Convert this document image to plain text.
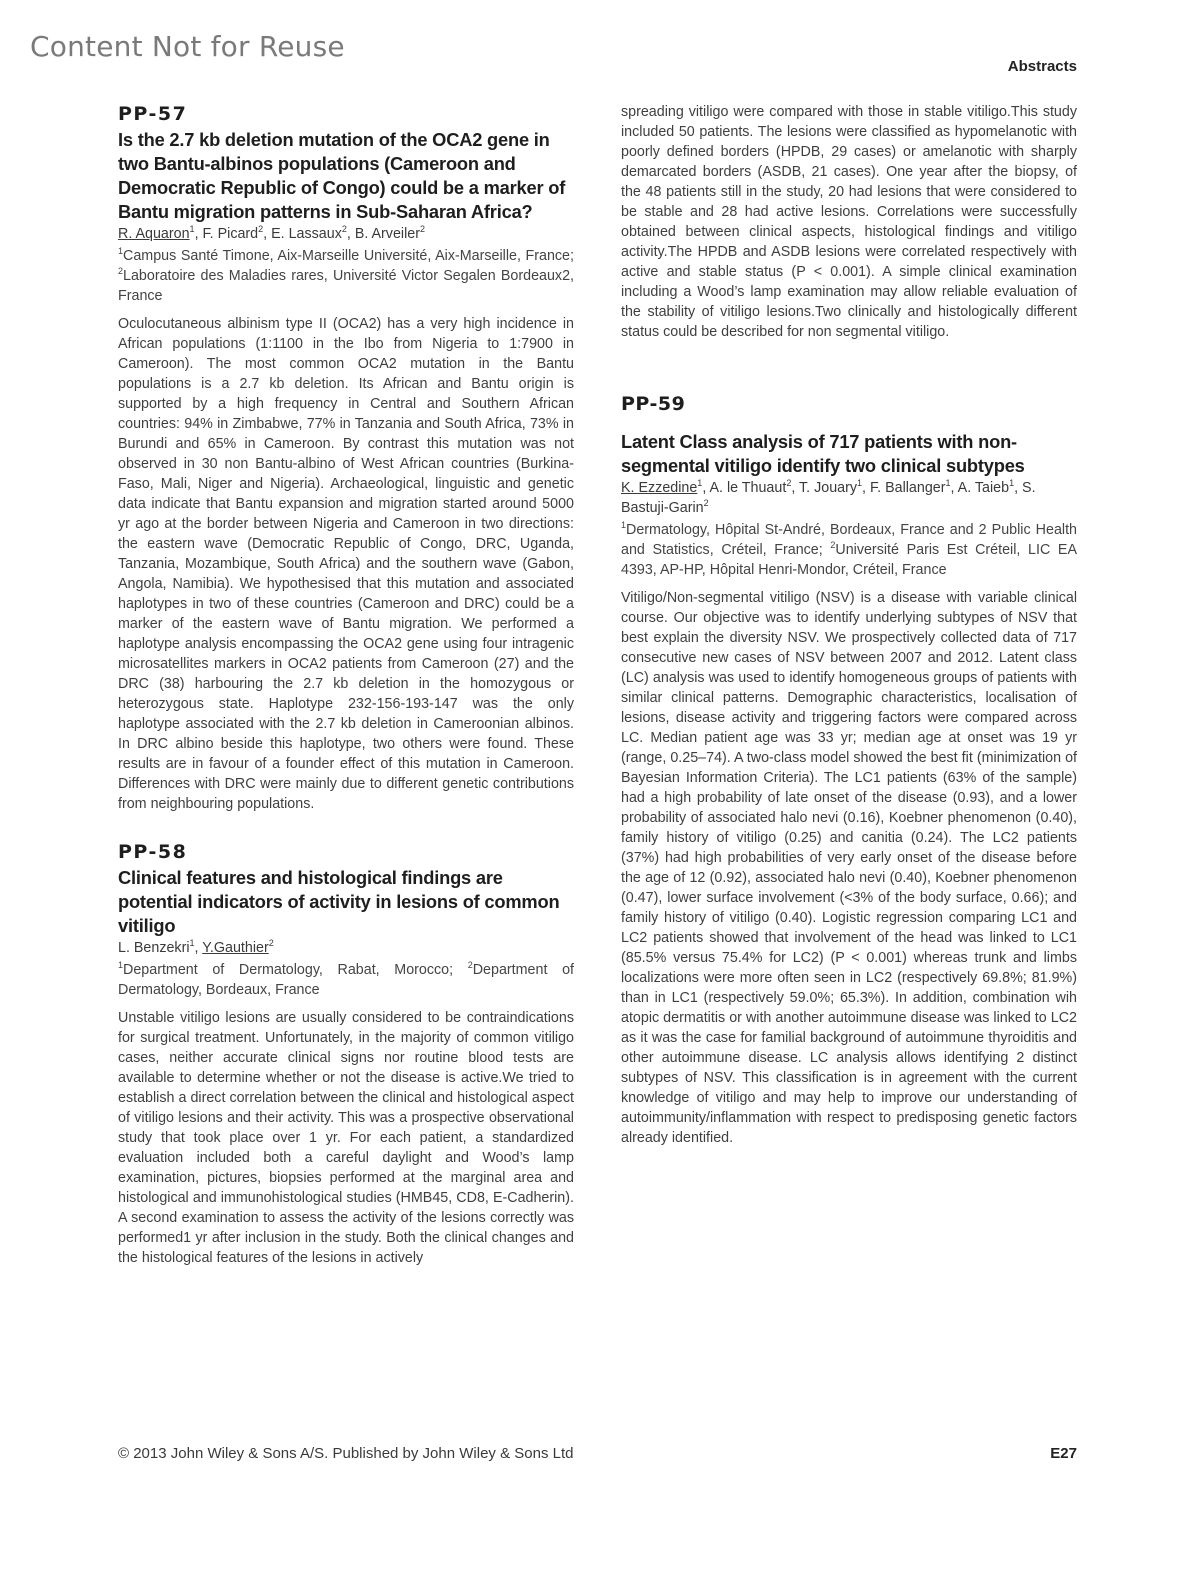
Content Not for Reuse
Abstracts
PP-57
Is the 2.7 kb deletion mutation of the OCA2 gene in two Bantu-albinos populations (Cameroon and Democratic Republic of Congo) could be a marker of Bantu migration patterns in Sub-Saharan Africa?

R. Aquaron$^1$, F. Picard$^2$, E. Lassaux$^2$, B. Arveiler$^2$

$^1$Campus Santé Timone, Aix-Marseille Université, Aix-Marseille, France; $^2$Laboratoire des Maladies rares, Université Victor Segalen Bordeaux2, France

Oculocutaneous albinism type II (OCA2) has a very high incidence in African populations (1:1100 in the Ibo from Nigeria to 1:7900 in Cameroon). The most common OCA2 mutation in the Bantu populations is a 2.7 kb deletion. Its African and Bantu origin is supported by a high frequency in Central and Southern African countries: 94% in Zimbabwe, 77% in Tanzania and South Africa, 73% in Burundi and 65% in Cameroon. By contrast this mutation was not observed in 30 non Bantu-albino of West African countries (Burkina-Faso, Mali, Niger and Nigeria). Archaeological, linguistic and genetic data indicate that Bantu expansion and migration started around 5000 yr ago at the border between Nigeria and Cameroon in two directions: the eastern wave (Democratic Republic of Congo, DRC, Uganda, Tanzania, Mozambique, South Africa) and the southern wave (Gabon, Angola, Namibia). We hypothesised that this mutation and associated haplotypes in two of these countries (Cameroon and DRC) could be a marker of the eastern wave of Bantu migration. We performed a haplotype analysis encompassing the OCA2 gene using four intragenic microsatellites markers in OCA2 patients from Cameroon (27) and the DRC (38) harbouring the 2.7 kb deletion in the homozygous or heterozygous state. Haplotype 232-156-193-147 was the only haplotype associated with the 2.7 kb deletion in Cameroonian albinos. In DRC albino beside this haplotype, two others were found. These results are in favour of a founder effect of this mutation in Cameroon. Differences with DRC were mainly due to different genetic contributions from neighbouring populations.

PP-58
Clinical features and histological findings are potential indicators of activity in lesions of common vitiligo

L. Benzekri$^1$, Y.Gauthier$^2$

$^1$Department of Dermatology, Rabat, Morocco; $^2$Department of Dermatology, Bordeaux, France

Unstable vitiligo lesions are usually considered to be contraindications for surgical treatment. Unfortunately, in the majority of common vitiligo cases, neither accurate clinical signs nor routine blood tests are available to determine whether or not the disease is active.We tried to establish a direct correlation between the clinical and histological aspect of vitiligo lesions and their activity. This was a prospective observational study that took place over 1 yr. For each patient, a standardized evaluation included both a careful daylight and Wood’s lamp examination, pictures, biopsies performed at the marginal area and histological and immunohistological studies (HMB45, CD8, E-Cadherin). A second examination to assess the activity of the lesions correctly was performed1 yr after inclusion in the study. Both the clinical changes and the histological features of the lesions in actively

spreading vitiligo were compared with those in stable vitiligo.This study included 50 patients. The lesions were classified as hypomelanotic with poorly defined borders (HPDB, 29 cases) or amelanotic with sharply demarcated borders (ASDB, 21 cases). One year after the biopsy, of the 48 patients still in the study, 20 had lesions that were considered to be stable and 28 had active lesions. Correlations were successfully obtained between clinical aspects, histological findings and vitiligo activity.The HPDB and ASDB lesions were correlated respectively with active and stable status (P < 0.001). A simple clinical examination including a Wood’s lamp examination may allow reliable evaluation of the stability of vitiligo lesions.Two clinically and histologically different status could be described for non segmental vitiligo.

PP-59
Latent Class analysis of 717 patients with non-segmental vitiligo identify two clinical subtypes

K. Ezzedine$^1$, A. le Thuaut$^2$, T. Jouary$^1$, F. Ballanger$^1$, A. Taieb$^1$, S. Bastuji-Garin$^2$

$^1$Dermatology, Hôpital St-André, Bordeaux, France and 2 Public Health and Statistics, Créteil, France; $^2$Université Paris Est Créteil, LIC EA 4393, AP-HP, Hôpital Henri-Mondor, Créteil, France

Vitiligo/Non-segmental vitiligo (NSV) is a disease with variable clinical course. Our objective was to identify underlying subtypes of NSV that best explain the diversity NSV. We prospectively collected data of 717 consecutive new cases of NSV between 2007 and 2012. Latent class (LC) analysis was used to identify homogeneous groups of patients with similar clinical patterns. Demographic characteristics, localisation of lesions, disease activity and triggering factors were compared across LC. Median patient age was 33 yr; median age at onset was 19 yr (range, 0.25–74). A two-class model showed the best fit (minimization of Bayesian Information Criteria). The LC1 patients (63% of the sample) had a high probability of late onset of the disease (0.93), and a lower probability of associated halo nevi (0.16), Koebner phenomenon (0.40), family history of vitiligo (0.25) and canitia (0.24). The LC2 patients (37%) had high probabilities of very early onset of the disease before the age of 12 (0.92), associated halo nevi (0.40), Koebner phenomenon (0.47), lower surface involvement (<3% of the body surface, 0.66); and family history of vitiligo (0.40). Logistic regression comparing LC1 and LC2 patients showed that involvement of the head was linked to LC1 (85.5% versus 75.4% for LC2) (P < 0.001) whereas trunk and limbs localizations were more often seen in LC2 (respectively 69.8%; 81.9%) than in LC1 (respectively 59.0%; 65.3%). In addition, combination wih atopic dermatitis or with another autoimmune disease was linked to LC2 as it was the case for familial background of autoimmune thyroiditis and other autoimmune disease. LC analysis allows identifying 2 distinct subtypes of NSV. This classification is in agreement with the current knowledge of vitiligo and may help to improve our understanding of autoimmunity/inflammation with respect to predisposing genetic factors already identified.

© 2013 John Wiley & Sons A/S. Published by John Wiley & Sons Ltd	E27
